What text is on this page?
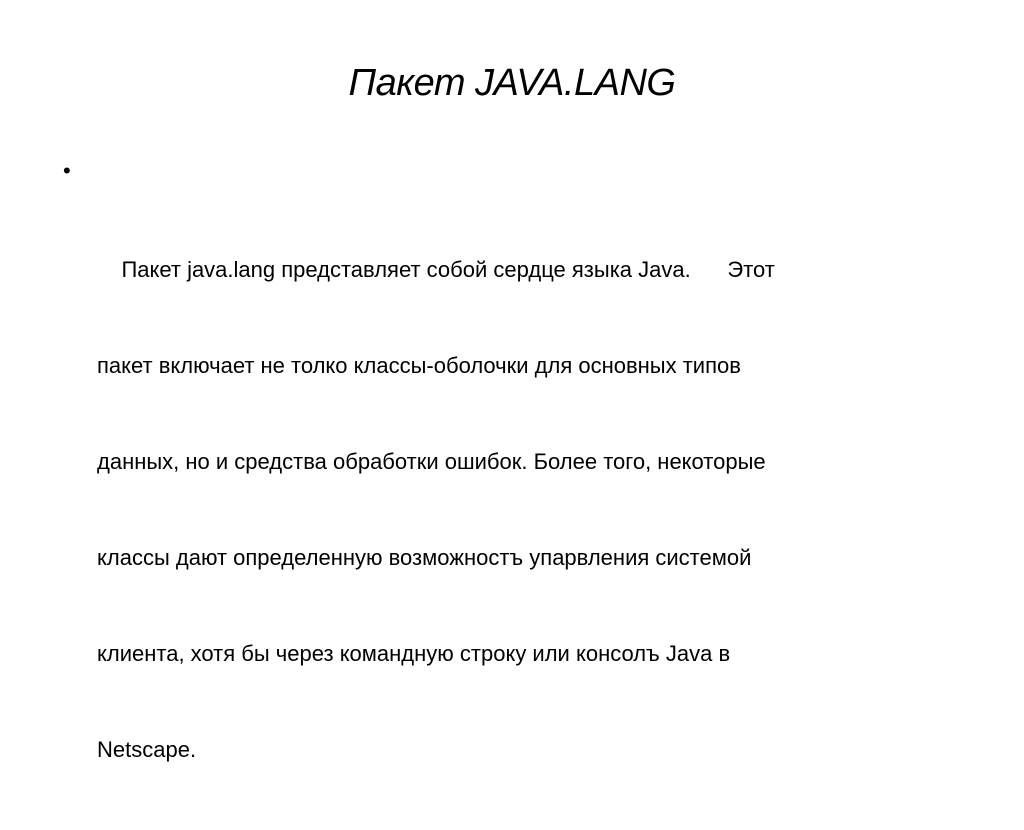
Пакет JAVA.LANG
•

Пакет java.lang представляет собой сердце языка Java.      Этот

пакет включает не толко классы-оболочки для основных типов

данных, но и средства обработки ошибок. Более того, некоторые

классы дают определенную возможностъ упарвления системой

клиента, хотя бы через командную строку или консолъ Java в

Netscape.
